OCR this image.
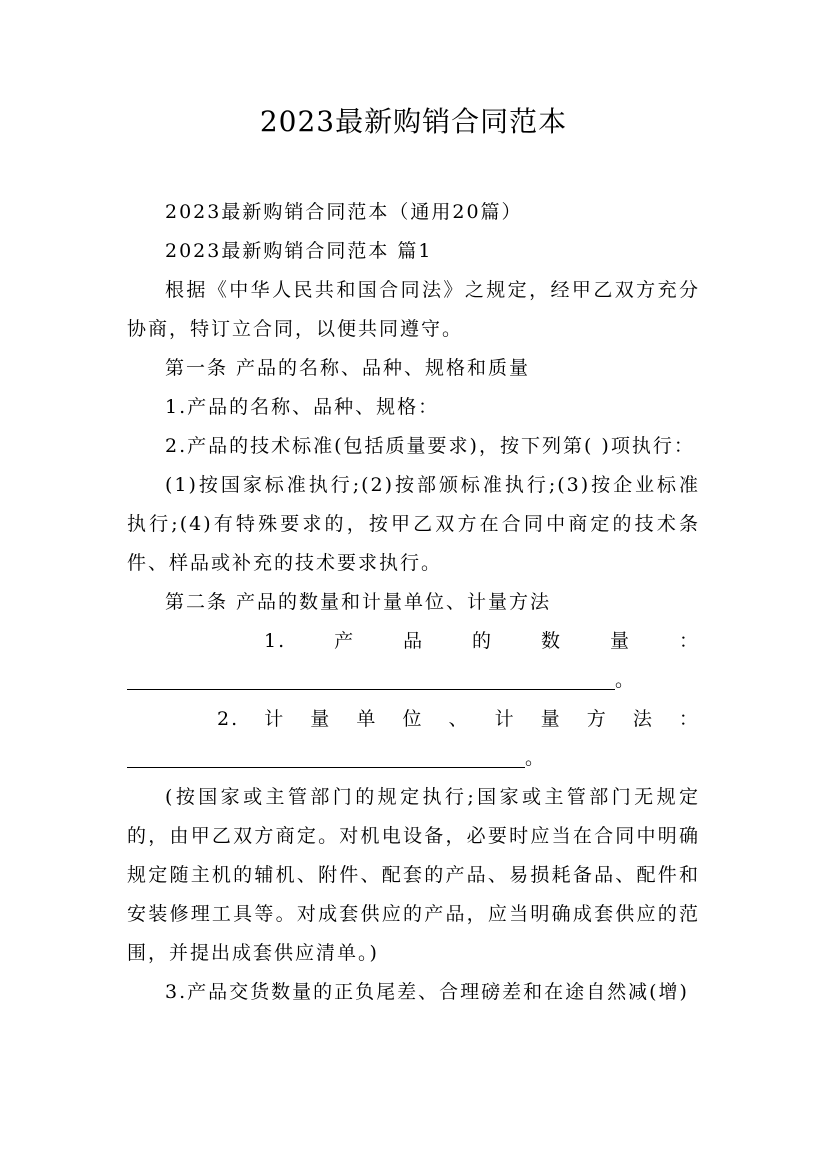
2023最新购销合同范本

2023最新购销合同范本（通用20篇）

2023最新购销合同范本 篇1

根据《中华人民共和国合同法》之规定，经甲乙双方充分协商，特订立合同，以便共同遵守。

第一条 产品的名称、品种、规格和质量

1.产品的名称、品种、规格：

2.产品的技术标准(包括质量要求)，按下列第( )项执行：

(1)按国家标准执行;(2)按部颁标准执行;(3)按企业标准执行;(4)有特殊要求的，按甲乙双方在合同中商定的技术条件、样品或补充的技术要求执行。

第二条 产品的数量和计量单位、计量方法

1.	产	品	的	数	量	：
。
2. 计 量 单 位 、 计 量 方 法 ：
。

(按国家或主管部门的规定执行;国家或主管部门无规定的，由甲乙双方商定。对机电设备，必要时应当在合同中明确规定随主机的辅机、附件、配套的产品、易损耗备品、配件和安装修理工具等。对成套供应的产品，应当明确成套供应的范围，并提出成套供应清单。)

3.产品交货数量的正负尾差、合理磅差和在途自然减(增)
